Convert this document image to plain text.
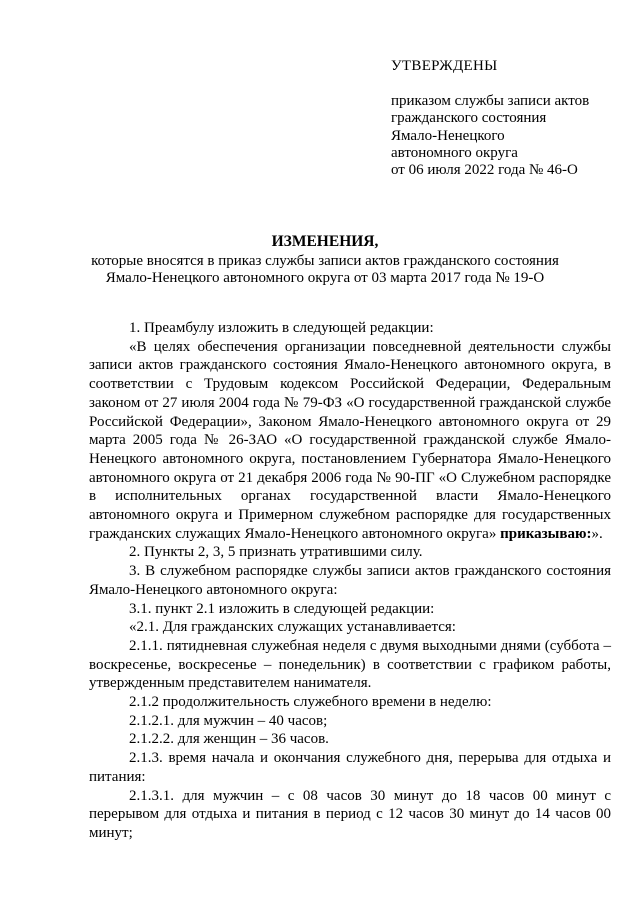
УТВЕРЖДЕНЫ

приказом службы записи актов

гражданского состояния

Ямало-Ненецкого

автономного округа

от 06 июля 2022 года № 46-О

ИЗМЕНЕНИЯ,

которые вносятся в приказ службы записи актов гражданского состояния

Ямало-Ненецкого автономного округа от 03 марта 2017 года № 19-О

1. Преамбулу изложить в следующей редакции:

«В целях обеспечения организации повседневной деятельности службы записи актов гражданского состояния Ямало-Ненецкого автономного округа, в соответствии с Трудовым кодексом Российской Федерации, Федеральным законом от 27 июля 2004 года № 79-ФЗ «О государственной гражданской службе Российской Федерации», Законом Ямало-Ненецкого автономного округа от 29 марта 2005 года № 26-ЗАО «О государственной гражданской службе Ямало-Ненецкого автономного округа, постановлением Губернатора Ямало-Ненецкого автономного округа от 21 декабря 2006 года № 90-ПГ «О Служебном распорядке в исполнительных органах государственной власти Ямало-Ненецкого автономного округа и Примерном служебном распорядке для государственных гражданских служащих Ямало-Ненецкого автономного округа» приказываю:».

2. Пункты 2, 3, 5 признать утратившими силу.

3. В служебном распорядке службы записи актов гражданского состояния Ямало-Ненецкого автономного округа:

3.1. пункт 2.1 изложить в следующей редакции:

«2.1. Для гражданских служащих устанавливается:

2.1.1. пятидневная служебная неделя с двумя выходными днями (суббота – воскресенье, воскресенье – понедельник) в соответствии с графиком работы, утвержденным представителем нанимателя.

2.1.2 продолжительность служебного времени в неделю:

2.1.2.1. для мужчин – 40 часов;

2.1.2.2. для женщин – 36 часов.

2.1.3. время начала и окончания служебного дня, перерыва для отдыха и питания:

2.1.3.1. для мужчин – с 08 часов 30 минут до 18 часов 00 минут с перерывом для отдыха и питания в период с 12 часов 30 минут до 14 часов 00 минут;
